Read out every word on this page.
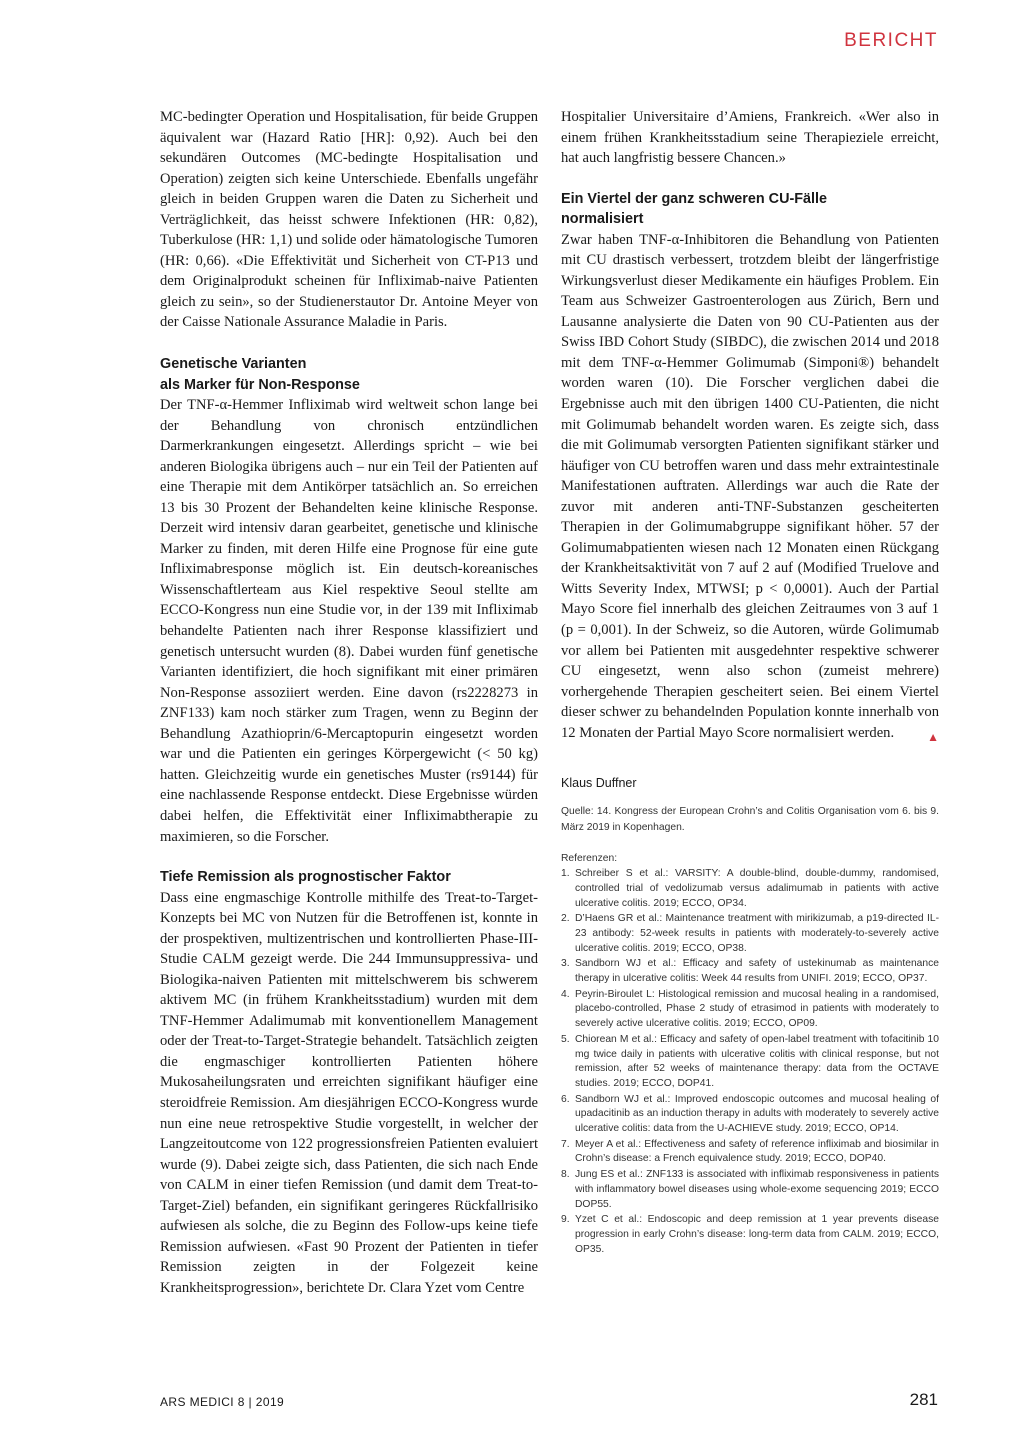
BERICHT

MC-bedingter Operation und Hospitalisation, für beide Gruppen äquivalent war (Hazard Ratio [HR]: 0,92). Auch bei den sekundären Outcomes (MC-bedingte Hospitalisation und Operation) zeigten sich keine Unterschiede. Ebenfalls ungefähr gleich in beiden Gruppen waren die Daten zu Sicherheit und Verträglichkeit, das heisst schwere Infektionen (HR: 0,82), Tuberkulose (HR: 1,1) und solide oder hämatologische Tumoren (HR: 0,66). «Die Effektivität und Sicherheit von CT-P13 und dem Originalprodukt scheinen für Infliximab-naive Patienten gleich zu sein», so der Studienerstautor Dr. Antoine Meyer von der Caisse Nationale Assurance Maladie in Paris.

Genetische Varianten
als Marker für Non-Response

Der TNF-α-Hemmer Infliximab wird weltweit schon lange bei der Behandlung von chronisch entzündlichen Darmerkrankungen eingesetzt. Allerdings spricht – wie bei anderen Biologika übrigens auch – nur ein Teil der Patienten auf eine Therapie mit dem Antikörper tatsächlich an. So erreichen 13 bis 30 Prozent der Behandelten keine klinische Response. Derzeit wird intensiv daran gearbeitet, genetische und klinische Marker zu finden, mit deren Hilfe eine Prognose für eine gute Infliximabresponse möglich ist. Ein deutsch-koreanisches Wissenschaftlerteam aus Kiel respektive Seoul stellte am ECCO-Kongress nun eine Studie vor, in der 139 mit Infliximab behandelte Patienten nach ihrer Response klassifiziert und genetisch untersucht wurden (8). Dabei wurden fünf genetische Varianten identifiziert, die hoch signifikant mit einer primären Non-Response assoziiert werden. Eine davon (rs2228273 in ZNF133) kam noch stärker zum Tragen, wenn zu Beginn der Behandlung Azathioprin/6-Mercaptopurin eingesetzt worden war und die Patienten ein geringes Körpergewicht (< 50 kg) hatten. Gleichzeitig wurde ein genetisches Muster (rs9144) für eine nachlassende Response entdeckt. Diese Ergebnisse würden dabei helfen, die Effektivität einer Infliximabtherapie zu maximieren, so die Forscher.

Tiefe Remission als prognostischer Faktor

Dass eine engmaschige Kontrolle mithilfe des Treat-to-Target-Konzepts bei MC von Nutzen für die Betroffenen ist, konnte in der prospektiven, multizentrischen und kontrollierten Phase-III-Studie CALM gezeigt werde. Die 244 Immunsuppressiva- und Biologika-naiven Patienten mit mittelschwerem bis schwerem aktivem MC (in frühem Krankheitsstadium) wurden mit dem TNF-Hemmer Adalimumab mit konventionellem Management oder der Treat-to-Target-Strategie behandelt. Tatsächlich zeigten die engmaschiger kontrollierten Patienten höhere Mukosaheilungsraten und erreichten signifikant häufiger eine steroidfreie Remission. Am diesjährigen ECCO-Kongress wurde nun eine neue retrospektive Studie vorgestellt, in welcher der Langzeitoutcome von 122 progressionsfreien Patienten evaluiert wurde (9). Dabei zeigte sich, dass Patienten, die sich nach Ende von CALM in einer tiefen Remission (und damit dem Treat-to-Target-Ziel) befanden, ein signifikant geringeres Rückfallrisiko aufwiesen als solche, die zu Beginn des Follow-ups keine tiefe Remission aufwiesen. «Fast 90 Prozent der Patienten in tiefer Remission zeigten in der Folgezeit keine Krankheitsprogression», berichtete Dr. Clara Yzet vom Centre

Hospitalier Universitaire d’Amiens, Frankreich. «Wer also in einem frühen Krankheitsstadium seine Therapieziele erreicht, hat auch langfristig bessere Chancen.»

Ein Viertel der ganz schweren CU-Fälle
normalisiert

Zwar haben TNF-α-Inhibitoren die Behandlung von Patienten mit CU drastisch verbessert, trotzdem bleibt der längerfristige Wirkungsverlust dieser Medikamente ein häufiges Problem. Ein Team aus Schweizer Gastroenterologen aus Zürich, Bern und Lausanne analysierte die Daten von 90 CU-Patienten aus der Swiss IBD Cohort Study (SIBDC), die zwischen 2014 und 2018 mit dem TNF-α-Hemmer Golimumab (Simponi®) behandelt worden waren (10). Die Forscher verglichen dabei die Ergebnisse auch mit den übrigen 1400 CU-Patienten, die nicht mit Golimumab behandelt worden waren. Es zeigte sich, dass die mit Golimumab versorgten Patienten signifikant stärker und häufiger von CU betroffen waren und dass mehr extraintestinale Manifestationen auftraten. Allerdings war auch die Rate der zuvor mit anderen anti-TNF-Substanzen gescheiterten Therapien in der Golimumabgruppe signifikant höher. 57 der Golimumabpatienten wiesen nach 12 Monaten einen Rückgang der Krankheitsaktivität von 7 auf 2 auf (Modified Truelove and Witts Severity Index, MTWSI; p < 0,0001). Auch der Partial Mayo Score fiel innerhalb des gleichen Zeitraumes von 3 auf 1 (p = 0,001). In der Schweiz, so die Autoren, würde Golimumab vor allem bei Patienten mit ausgedehnter respektive schwerer CU eingesetzt, wenn also schon (zumeist mehrere) vorhergehende Therapien gescheitert seien. Bei einem Viertel dieser schwer zu behandelnden Population konnte innerhalb von 12 Monaten der Partial Mayo Score normalisiert werden.	▲

Klaus Duffner
Quelle: 14. Kongress der European Crohn’s and Colitis Organisation vom 6. bis 9. März 2019 in Kopenhagen.
Referenzen:
1. Schreiber S et al.: VARSITY: A double-blind, double-dummy, randomised, controlled trial of vedolizumab versus adalimumab in patients with active ulcerative colitis. 2019; ECCO, OP34.
2. D’Haens GR et al.: Maintenance treatment with mirikizumab, a p19-directed IL-23 antibody: 52-week results in patients with moderately-to-severely active ulcerative colitis. 2019; ECCO, OP38.
3. Sandborn WJ et al.: Efficacy and safety of ustekinumab as maintenance therapy in ulcerative colitis: Week 44 results from UNIFI. 2019; ECCO, OP37.
4. Peyrin-Biroulet L: Histological remission and mucosal healing in a randomised, placebo-controlled, Phase 2 study of etrasimod in patients with moderately to severely active ulcerative colitis. 2019; ECCO, OP09.
5. Chiorean M et al.: Efficacy and safety of open-label treatment with tofacitinib 10 mg twice daily in patients with ulcerative colitis with clinical response, but not remission, after 52 weeks of maintenance therapy: data from the OCTAVE studies. 2019; ECCO, DOP41.
6. Sandborn WJ et al.: Improved endoscopic outcomes and mucosal healing of upadacitinib as an induction therapy in adults with moderately to severely active ulcerative colitis: data from the U-ACHIEVE study. 2019; ECCO, OP14.
7. Meyer A et al.: Effectiveness and safety of reference infliximab and biosimilar in Crohn’s disease: a French equivalence study. 2019; ECCO, DOP40.
8. Jung ES et al.: ZNF133 is associated with infliximab responsiveness in patients with inflammatory bowel diseases using whole-exome sequencing 2019; ECCO DOP55.
9. Yzet C et al.: Endoscopic and deep remission at 1 year prevents disease progression in early Crohn’s disease: long-term data from CALM. 2019; ECCO, OP35.
ARS MEDICI 8 | 2019	281
